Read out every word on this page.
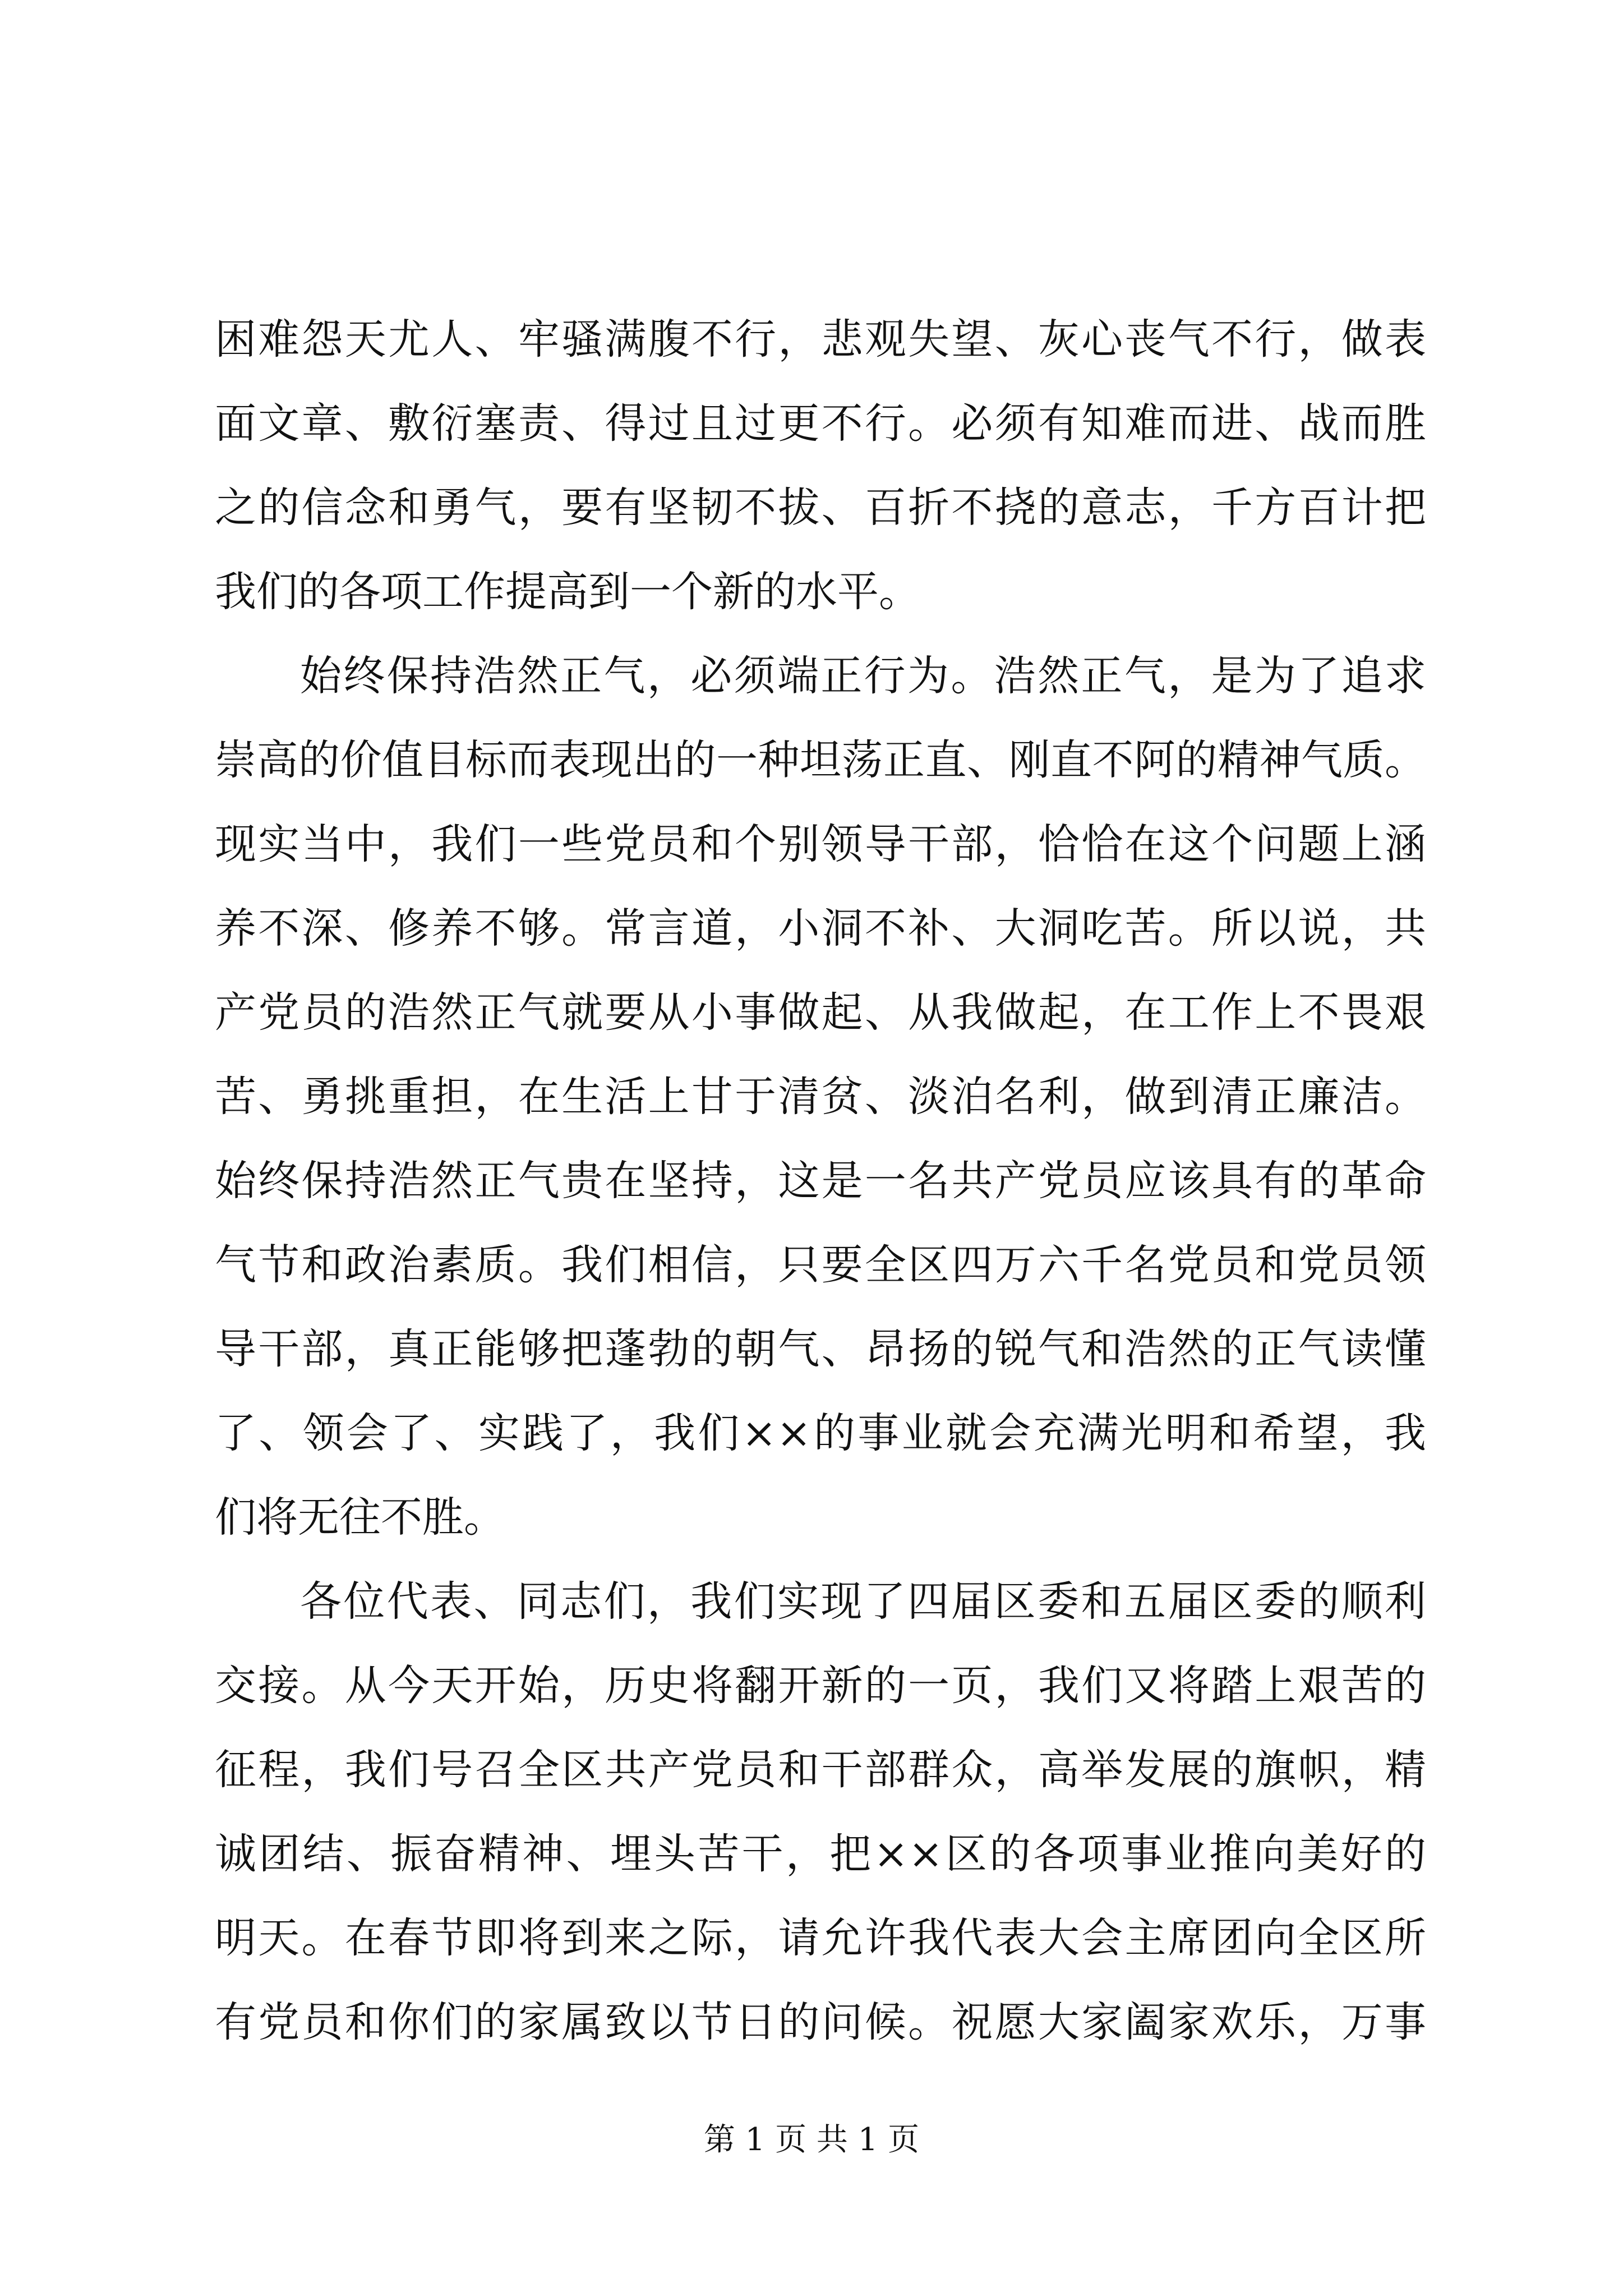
困难怨天尤人、牢骚满腹不行，悲观失望、灰心丧气不行，做表
面文章、敷衍塞责、得过且过更不行。必须有知难而进、战而胜
之的信念和勇气，要有坚韧不拔、百折不挠的意志，千方百计把
我们的各项工作提高到一个新的水平。
始终保持浩然正气，必须端正行为。浩然正气，是为了追求
崇高的价值目标而表现出的一种坦荡正直、刚直不阿的精神气质。
现实当中，我们一些党员和个别领导干部，恰恰在这个问题上涵
养不深、修养不够。常言道，小洞不补、大洞吃苦。所以说，共
产党员的浩然正气就要从小事做起、从我做起，在工作上不畏艰
苦、勇挑重担，在生活上甘于清贫、淡泊名利，做到清正廉洁。
始终保持浩然正气贵在坚持，这是一名共产党员应该具有的革命
气节和政治素质。我们相信，只要全区四万六千名党员和党员领
导干部，真正能够把蓬勃的朝气、昂扬的锐气和浩然的正气读懂
了、领会了、实践了，我们××的事业就会充满光明和希望，我
们将无往不胜。
各位代表、同志们，我们实现了四届区委和五届区委的顺利
交接。从今天开始，历史将翻开新的一页，我们又将踏上艰苦的
征程，我们号召全区共产党员和干部群众，高举发展的旗帜，精
诚团结、振奋精神、埋头苦干，把××区的各项事业推向美好的
明天。在春节即将到来之际，请允许我代表大会主席团向全区所
有党员和你们的家属致以节日的问候。祝愿大家阖家欢乐，万事
第 1 页 共 1 页
